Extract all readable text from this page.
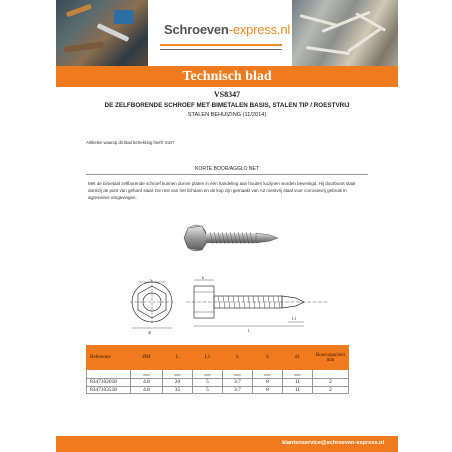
Schroeven-express.nl
Technisch blad
VS8347
DE ZELFBORENDE SCHROEF MET BIMETALEN BASIS, STALEN TIP / ROESTVRIJ
STALEN BEHUIZING (11/2014)
Artikelen waarop dit blad betrekking heeft: 8347
KORTE BOOR/AGGLO NET
Met de bimetaal zelfborende schroef kunnen dunne platen in één handeling aan houten kozijnen worden bevestigd. Hij doorboort staal dankzij de punt van gehard staal. De rest van het lichaam en de kop zijn gemaakt van A2 roestvrij staal voor corrosievrij gebruik in agressieve omgevingen.
s
dl
k
L
L1
Referentie	ØM	L	L1	k	S	d1	Boorcapaciteit mm
	mm	mm	mm	mm	mm	mm	
8347102018	4.8	20	5	3.7	8	11	2
8347103518	4.8	35	5	3.7	8	11	2
klantenservice@schroeven-express.nl
